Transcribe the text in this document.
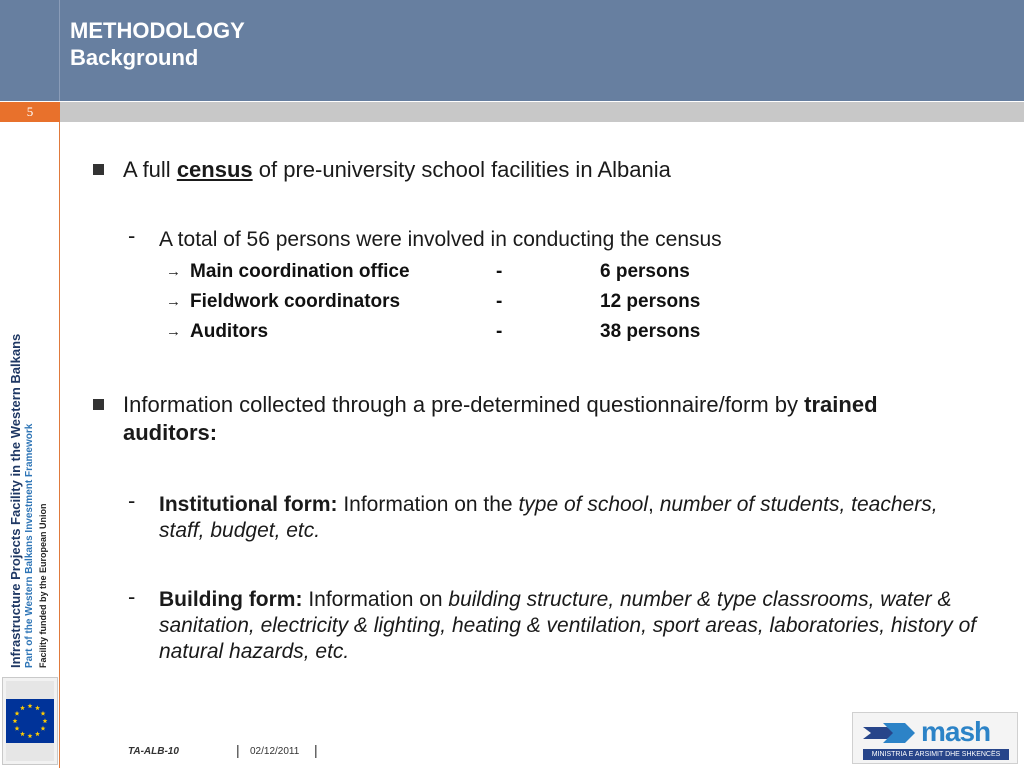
METHODOLOGY
Background
5
Infrastructure Projects Facility in the Western Balkans Part of the Western Balkans Investment Framework Facility funded by the European Union
A full census of pre-university school facilities in Albania
- A total of 56 persons were involved in conducting the census
→ Main coordination office	-	6 persons
→ Fieldwork coordinators	-	12 persons
→ Auditors	-	38 persons
Information collected through a pre-determined questionnaire/form by trained auditors:
- Institutional form: Information on the type of school, number of students, teachers, staff, budget, etc.
- Building form: Information on building structure, number & type classrooms, water & sanitation, electricity & lighting, heating & ventilation, sport areas, laboratories, history of natural hazards, etc.
TA-ALB-10	| 02/12/2011 |
mash
MINISTRIA E ARSIMIT DHE SHKENCËS
